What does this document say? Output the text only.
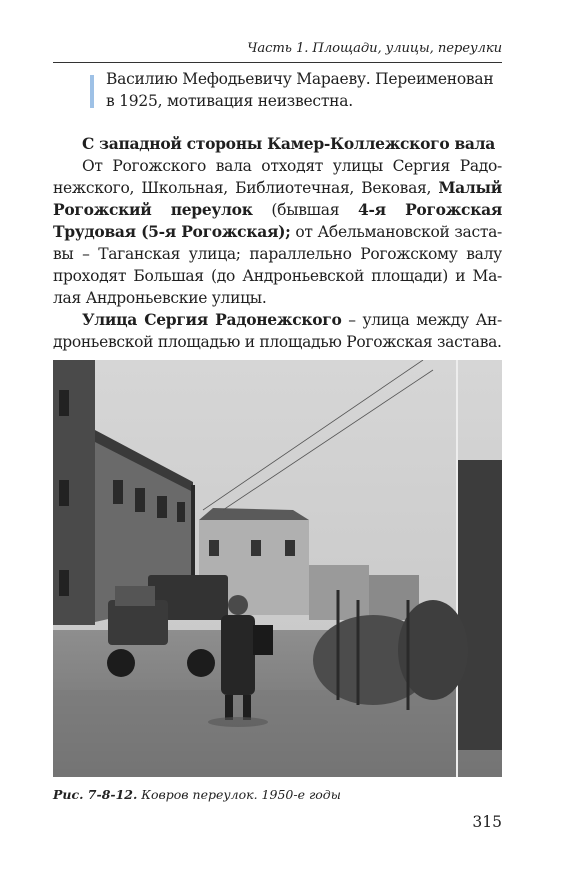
Часть 1. Площади, улицы, переулки

Василию Мефодьевичу Мараеву. Переименован

в 1925, мотивация неизвестна.

С западной стороны Камер-Коллежского вала
От Рогожского вала отходят улицы Сергия Радо-
нежского, Школьная, Библиотечная, Вековая, Малый
Рогожский переулок (бывшая 4-я Рогожская
Трудовая (5-я Рогожская); от Абельмановской заста-
вы – Таганская улица; параллельно Рогожскому валу
проходят Большая (до Андроньевской площади) и Ма-
лая Андроньевские улицы.
Улица Сергия Радонежского – улица между Ан-
дроньевской площадью и площадью Рогожская застава.
Рис. 7-8-12. Ковров переулок. 1950-е годы
315
